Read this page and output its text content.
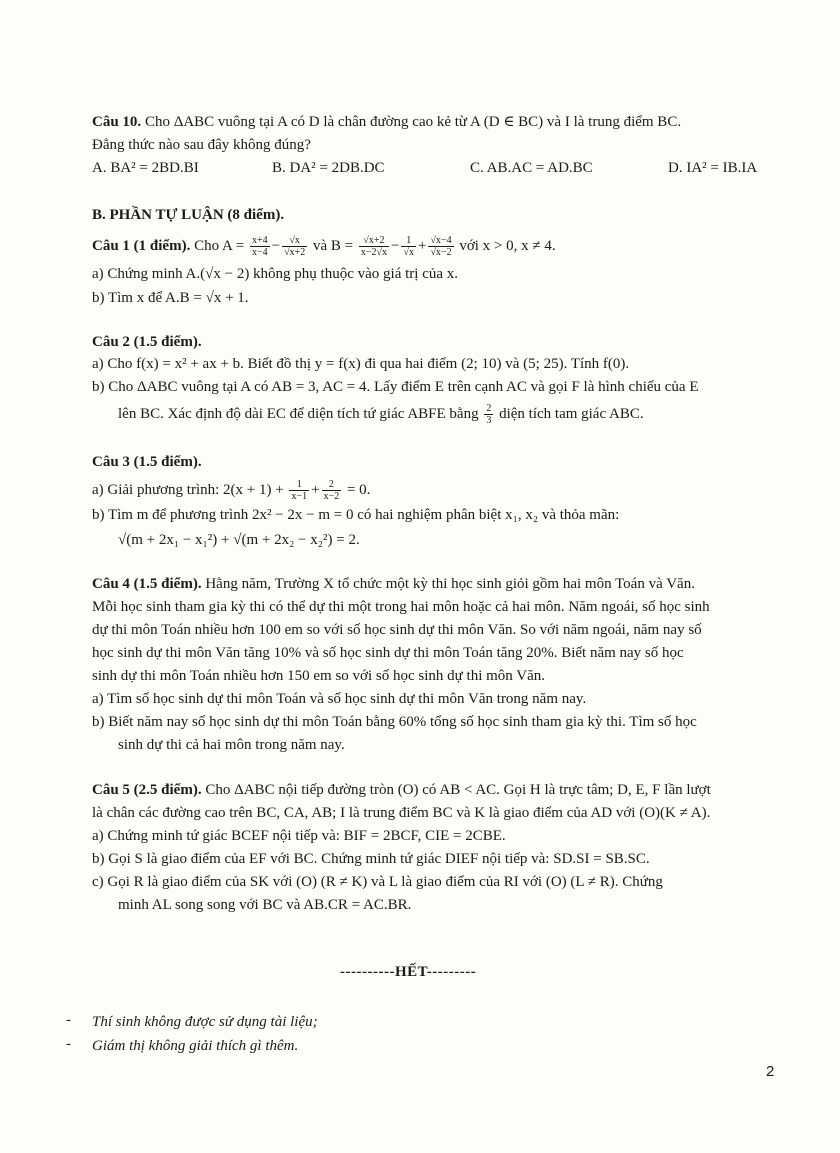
Câu 10. Cho ΔABC vuông tại A có D là chân đường cao kẻ từ A (D ∈ BC) và I là trung điểm BC.
Đẳng thức nào sau đây không đúng?
A. BA² = 2BD.BI	B. DA² = 2DB.DC	C. AB.AC = AD.BC	D. IA² = IB.IA
B. PHẦN TỰ LUẬN (8 điểm).
Câu 1 (1 điểm). Cho $A = \frac{x+4}{x-4} - \frac{√x}{√x+2}$ và $B = \frac{√x+2}{x-2√x} - \frac{1}{√x} + \frac{√x-4}{√x-2}$ với x > 0, x ≠ 4.
a) Chứng minh A.(√x − 2) không phụ thuộc vào giá trị của x.
b) Tìm x để A.B = √x + 1.
Câu 2 (1.5 điểm).
a) Cho f(x) = x² + ax + b. Biết đồ thị y = f(x) đi qua hai điểm (2; 10) và (5; 25). Tính f(0).
b) Cho ΔABC vuông tại A có AB = 3, AC = 4. Lấy điểm E trên cạnh AC và gọi F là hình chiếu của E
lên BC. Xác định độ dài EC để diện tích tứ giác ABFE bằng $\frac{2}{3}$ diện tích tam giác ABC.
Câu 3 (1.5 điểm).
a) Giải phương trình: $2(x + 1) + \frac{1}{x-1} + \frac{2}{x-2} = 0$.
b) Tìm m để phương trình 2x² − 2x − m = 0 có hai nghiệm phân biệt x₁, x₂ và thỏa mãn:
√(m + 2x₁ − x₁²) + √(m + 2x₂ − x₂²) = 2.
Câu 4 (1.5 điểm). Hằng năm, Trường X tổ chức một kỳ thi học sinh giỏi gồm hai môn Toán và Văn.
Mỗi học sinh tham gia kỳ thi có thể dự thi một trong hai môn hoặc cả hai môn. Năm ngoái, số học sinh
dự thi môn Toán nhiều hơn 100 em so với số học sinh dự thi môn Văn. So với năm ngoái, năm nay số
học sinh dự thi môn Văn tăng 10% và số học sinh dự thi môn Toán tăng 20%. Biết năm nay số học
sinh dự thi môn Toán nhiều hơn 150 em so với số học sinh dự thi môn Văn.
a) Tìm số học sinh dự thi môn Toán và số học sinh dự thi môn Văn trong năm nay.
b) Biết năm nay số học sinh dự thi môn Toán bằng 60% tổng số học sinh tham gia kỳ thi. Tìm số học
sinh dự thi cả hai môn trong năm nay.
Câu 5 (2.5 điểm). Cho ΔABC nội tiếp đường tròn (O) có AB < AC. Gọi H là trực tâm; D, E, F lần lượt
là chân các đường cao trên BC, CA, AB; I là trung điểm BC và K là giao điểm của AD với (O)(K ≠ A).
a) Chứng minh tứ giác BCEF nội tiếp và: BIF = 2BCF, CIE = 2CBE.
b) Gọi S là giao điểm của EF với BC. Chứng minh tứ giác DIEF nội tiếp và: SD.SI = SB.SC.
c) Gọi R là giao điểm của SK với (O) (R ≠ K) và L là giao điểm của RI với (O) (L ≠ R). Chứng
minh AL song song với BC và AB.CR = AC.BR.
----------HẾT---------
- Thí sinh không được sử dụng tài liệu;
- Giám thị không giải thích gì thêm.
2
